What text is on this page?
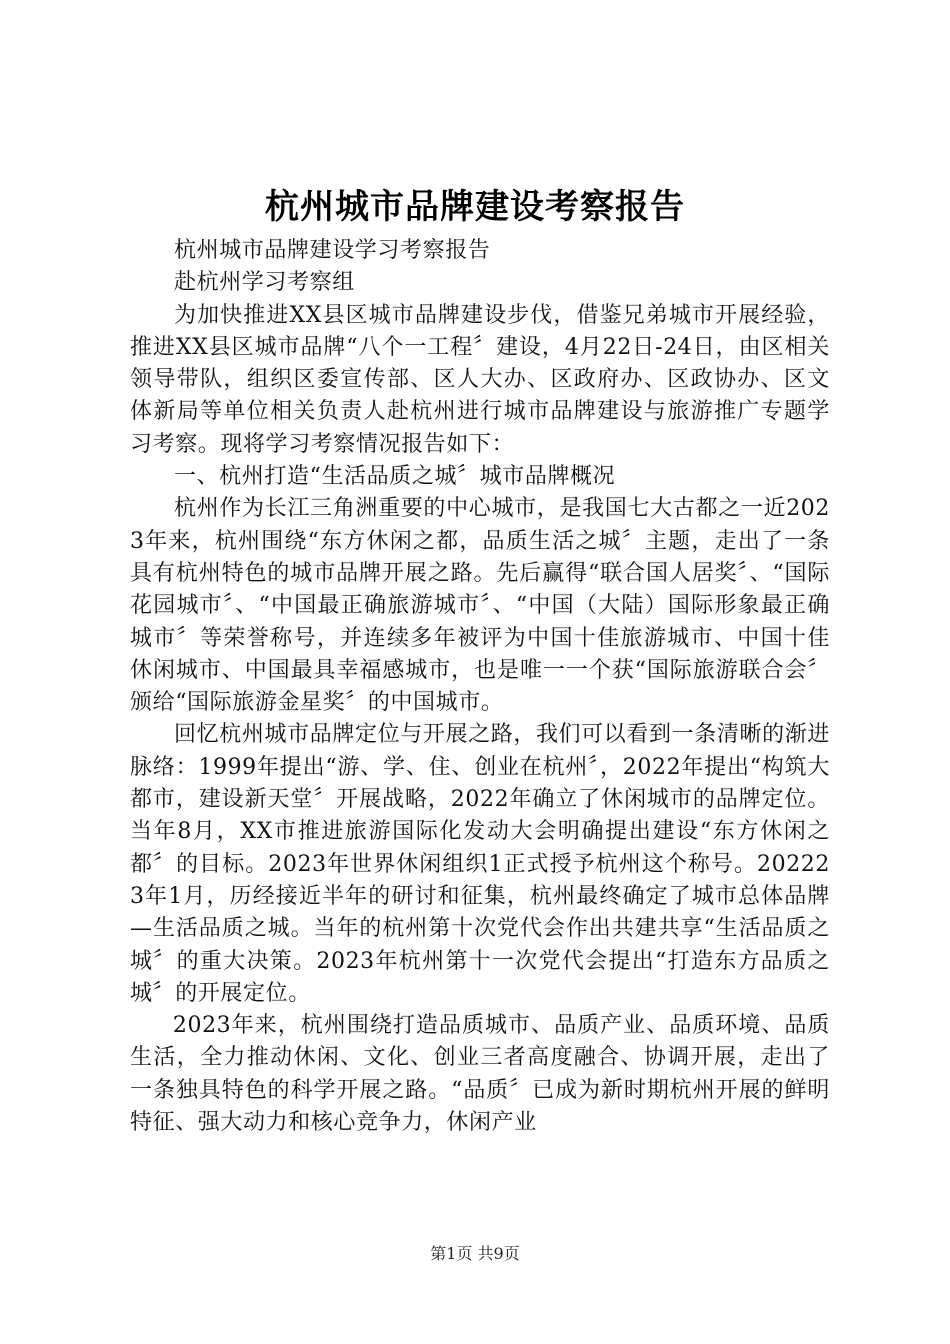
杭州城市品牌建设考察报告

杭州城市品牌建设学习考察报告

赴杭州学习考察组

为加快推进XX县区城市品牌建设步伐，借鉴兄弟城市开展经验，推进XX县区城市品牌“八个一工程〞建设，4月22日-24日，由区相关领导带队，组织区委宣传部、区人大办、区政府办、区政协办、区文体新局等单位相关负责人赴杭州进行城市品牌建设与旅游推广专题学习考察。现将学习考察情况报告如下：

一、杭州打造“生活品质之城〞城市品牌概况

杭州作为长江三角洲重要的中心城市，是我国七大古都之一近2023年来，杭州围绕“东方休闲之都，品质生活之城〞主题，走出了一条具有杭州特色的城市品牌开展之路。先后赢得“联合国人居奖〞、“国际花园城市〞、“中国最正确旅游城市〞、“中国（大陆）国际形象最正确城市〞等荣誉称号，并连续多年被评为中国十佳旅游城市、中国十佳休闲城市、中国最具幸福感城市，也是唯一一个获“国际旅游联合会〞颁给“国际旅游金星奖〞的中国城市。

回忆杭州城市品牌定位与开展之路，我们可以看到一条清晰的渐进脉络：1999年提出“游、学、住、创业在杭州〞，2022年提出“构筑大都市，建设新天堂〞开展战略，2022年确立了休闲城市的品牌定位。当年8月，XX市推进旅游国际化发动大会明确提出建设“东方休闲之都〞的目标。2023年世界休闲组织1正式授予杭州这个称号。202223年1月，历经接近半年的研讨和征集，杭州最终确定了城市总体品牌—生活品质之城。当年的杭州第十次党代会作出共建共享“生活品质之城〞的重大决策。2023年杭州第十一次党代会提出“打造东方品质之城〞的开展定位。

2023年来，杭州围绕打造品质城市、品质产业、品质环境、品质生活，全力推动休闲、文化、创业三者高度融合、协调开展，走出了一条独具特色的科学开展之路。“品质〞已成为新时期杭州开展的鲜明特征、强大动力和核心竞争力，休闲产业

第1页 共9页
